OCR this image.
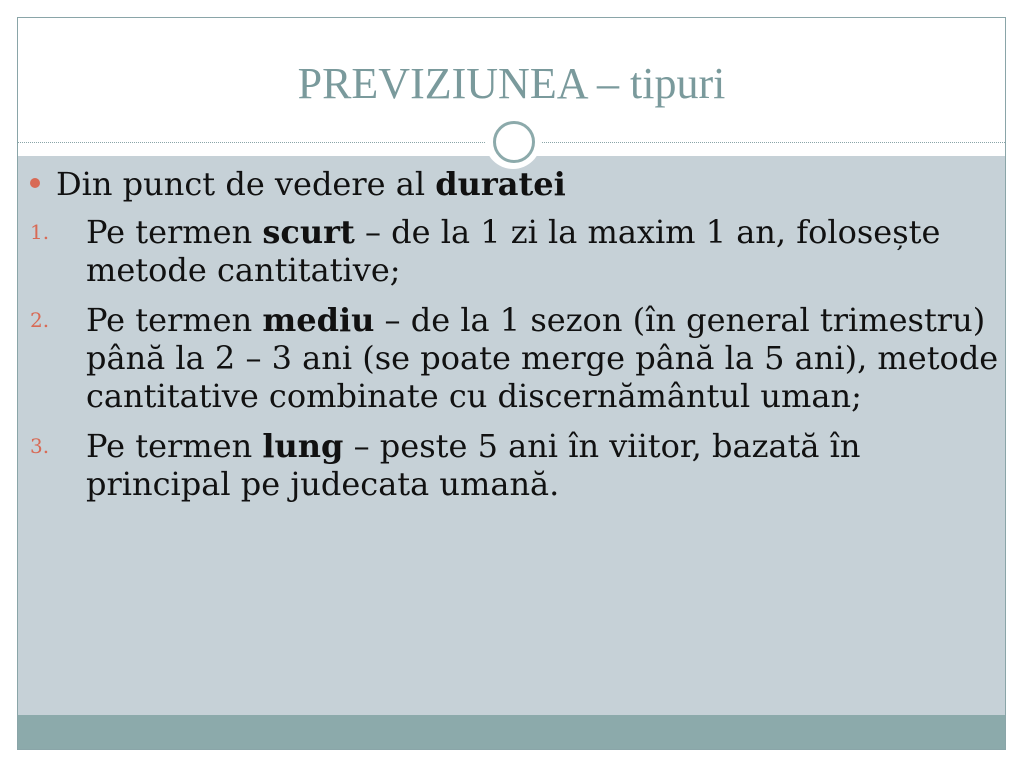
PREVIZIUNEA – tipuri
Din punct de vedere al duratei
1.	Pe termen scurt – de la 1 zi la maxim 1 an, folosește metode cantitative;
2.	Pe termen mediu – de la 1 sezon (în general trimestru) până la 2 – 3 ani (se poate merge până la 5 ani), metode cantitative combinate cu discernământul uman;
3.	Pe termen lung – peste 5 ani în viitor, bazată în principal pe judecata umană.
